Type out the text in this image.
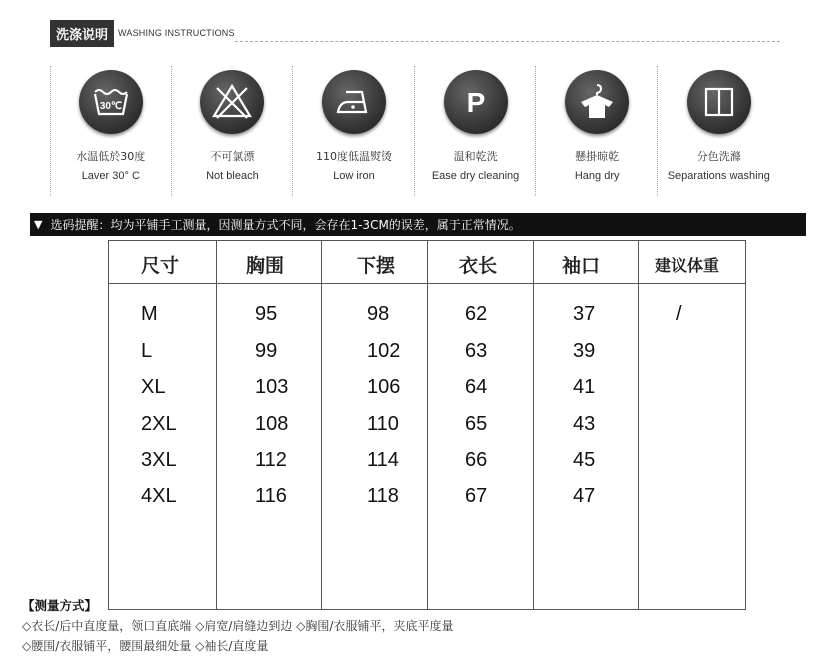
洗涤说明	WASHING INSTRUCTIONS
30℃
水温低於30度
Laver 30° C
不可氯漂
Not bleach
110度低温熨烫
Low iron
P
温和乾洗
Ease dry cleaning
懸掛晾乾
Hang dry
分色洗滌
Separations washing
▼ 选码提醒：均为平铺手工测量，因测量方式不同，会存在1-3CM的误差，属于正常情况。
尺寸	胸围	下摆	衣长	袖口	建议体重
M	95	98	62	37	/
L	99	102	63	39
XL	103	106	64	41
2XL	108	110	65	43
3XL	112	114	66	45
4XL	116	118	67	47
【测量方式】
◇衣长/后中直度量，领口直底端 ◇肩宽/肩缝边到边 ◇胸围/衣服铺平，夹底平度量
◇腰围/衣服铺平，腰围最细处量 ◇袖长/直度量
